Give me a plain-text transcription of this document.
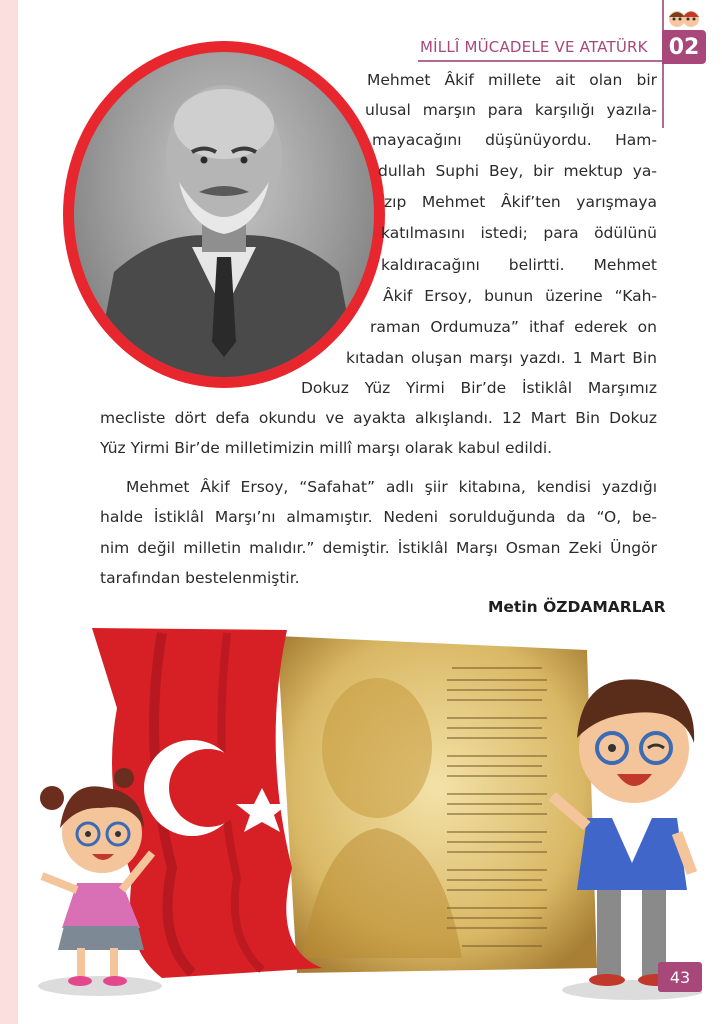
MİLLÎ MÜCADELE VE ATATÜRK 02
Mehmet Âkif millete ait olan bir
ulusal marşın para karşılığı yazıla-
mayacağını düşünüyordu. Ham-
dullah Suphi Bey, bir mektup ya-
zıp Mehmet Âkif’ten yarışmaya
katılmasını istedi; para ödülünü
kaldıracağını belirtti. Mehmet
Âkif Ersoy, bunun üzerine “Kah-
raman Ordumuza” ithaf ederek on
kıtadan oluşan marşı yazdı. 1 Mart Bin
Dokuz Yüz Yirmi Bir’de İstiklâl Marşımız
mecliste dört defa okundu ve ayakta alkışlandı. 12 Mart Bin Dokuz
Yüz Yirmi Bir’de milletimizin millî marşı olarak kabul edildi.
Mehmet Âkif Ersoy, “Safahat” adlı şiir kitabına, kendisi yazdığı
halde İstiklâl Marşı’nı almamıştır. Nedeni sorulduğunda da “O, be-
nim değil milletin malıdır.” demiştir. İstiklâl Marşı Osman Zeki Üngör
tarafından bestelenmiştir.
Metin ÖZDAMARLAR
43
